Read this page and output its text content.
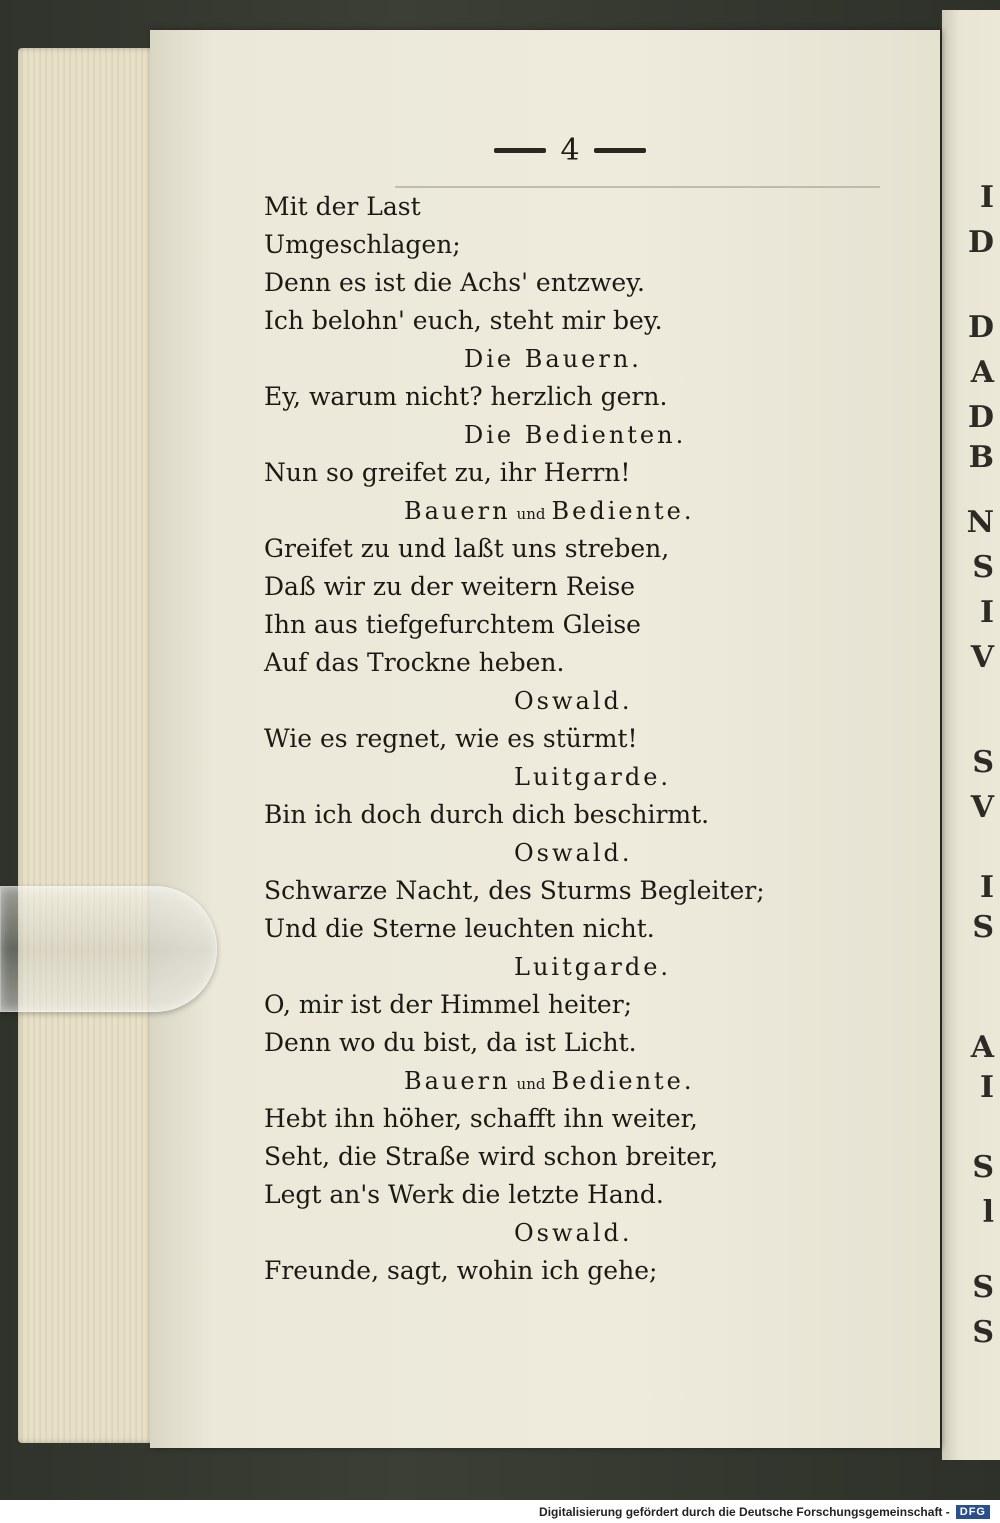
I
D
D
A
D
B
N
S
I
V
S
V
I
S
A
I
S
l
S
S
4
Mit der Last
Umgeschlagen;
Denn es ist die Achs' entzwey.
Ich belohn' euch, steht mir bey.
Die Bauern.
Ey, warum nicht? herzlich gern.
Die Bedienten.
Nun so greifet zu, ihr Herrn!
Bauern und Bediente.
Greifet zu und laßt uns streben,
Daß wir zu der weitern Reise
Ihn aus tiefgefurchtem Gleise
Auf das Trockne heben.
Oswald.
Wie es regnet, wie es stürmt!
Luitgarde.
Bin ich doch durch dich beschirmt.
Oswald.
Schwarze Nacht, des Sturms Begleiter;
Und die Sterne leuchten nicht.
Luitgarde.
O, mir ist der Himmel heiter;
Denn wo du bist, da ist Licht.
Bauern und Bediente.
Hebt ihn höher, schafft ihn weiter,
Seht, die Straße wird schon breiter,
Legt an's Werk die letzte Hand.
Oswald.
Freunde, sagt, wohin ich gehe;
Digitalisierung gefördert durch die Deutsche Forschungsgemeinschaft - DFG
